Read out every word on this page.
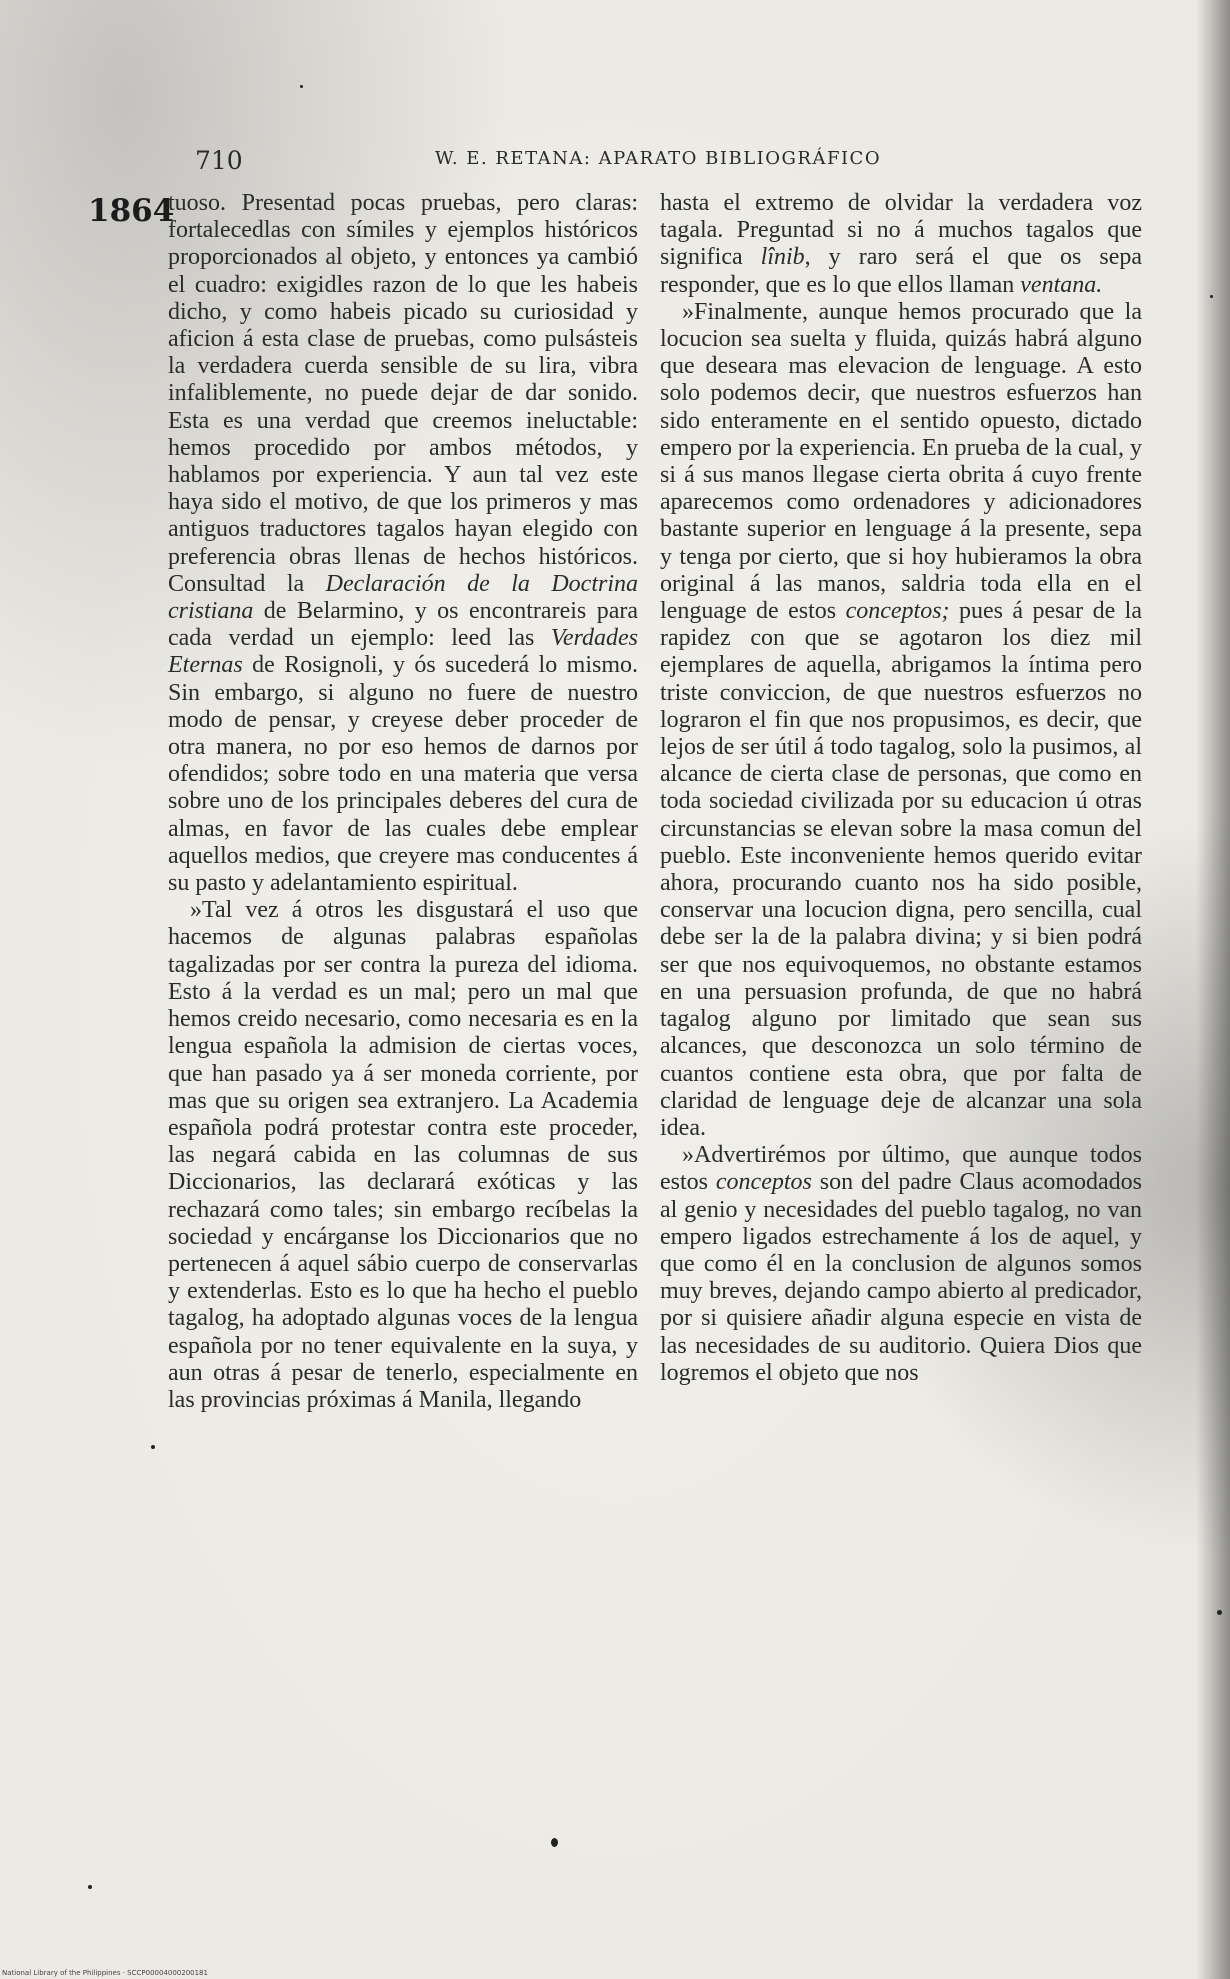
710	W. E. RETANA: APARATO BIBLIOGRÁFICO
1864

tuoso. Presentad pocas pruebas, pero claras: fortalecedlas con símiles y ejemplos históricos proporcionados al objeto, y entonces ya cambió el cuadro: exigidles razon de lo que les habeis dicho, y como habeis picado su curiosidad y aficion á esta clase de pruebas, como pulsásteis la verdadera cuerda sensible de su lira, vibra infaliblemente, no puede dejar de dar sonido. Esta es una verdad que creemos ineluctable: hemos procedido por ambos métodos, y hablamos por experiencia. Y aun tal vez este haya sido el motivo, de que los primeros y mas antiguos traductores tagalos hayan elegido con preferencia obras llenas de hechos históricos. Consultad la Declaración de la Doctrina cristiana de Belarmino, y os encontrareis para cada verdad un ejemplo: leed las Verdades Eternas de Rosignoli, y ós sucederá lo mismo. Sin embargo, si alguno no fuere de nuestro modo de pensar, y creyese deber proceder de otra manera, no por eso hemos de darnos por ofendidos; sobre todo en una materia que versa sobre uno de los principales deberes del cura de almas, en favor de las cuales debe emplear aquellos medios, que creyere mas conducentes á su pasto y adelantamiento espiritual.

»Tal vez á otros les disgustará el uso que hacemos de algunas palabras españolas tagalizadas por ser contra la pureza del idioma. Esto á la verdad es un mal; pero un mal que hemos creido necesario, como necesaria es en la lengua española la admision de ciertas voces, que han pasado ya á ser moneda corriente, por mas que su origen sea extranjero. La Academia española podrá protestar contra este proceder, las negará cabida en las columnas de sus Diccionarios, las declarará exóticas y las rechazará como tales; sin embargo recíbelas la sociedad y encárganse los Diccionarios que no pertenecen á aquel sábio cuerpo de conservarlas y extenderlas. Esto es lo que ha hecho el pueblo tagalog, ha adoptado algunas voces de la lengua española por no tener equivalente en la suya, y aun otras á pesar de tenerlo, especialmente en las provincias próximas á Manila, llegando

hasta el extremo de olvidar la verdadera voz tagala. Preguntad si no á muchos tagalos que significa lînib, y raro será el que os sepa responder, que es lo que ellos llaman ventana.

»Finalmente, aunque hemos procurado que la locucion sea suelta y fluida, quizás habrá alguno que deseara mas elevacion de lenguage. A esto solo podemos decir, que nuestros esfuerzos han sido enteramente en el sentido opuesto, dictado empero por la experiencia. En prueba de la cual, y si á sus manos llegase cierta obrita á cuyo frente aparecemos como ordenadores y adicionadores bastante superior en lenguage á la presente, sepa y tenga por cierto, que si hoy hubieramos la obra original á las manos, saldria toda ella en el lenguage de estos conceptos; pues á pesar de la rapidez con que se agotaron los diez mil ejemplares de aquella, abrigamos la íntima pero triste conviccion, de que nuestros esfuerzos no lograron el fin que nos propusimos, es decir, que lejos de ser útil á todo tagalog, solo la pusimos, al alcance de cierta clase de personas, que como en toda sociedad civilizada por su educacion ú otras circunstancias se elevan sobre la masa comun del pueblo. Este inconveniente hemos querido evitar ahora, procurando cuanto nos ha sido posible, conservar una locucion digna, pero sencilla, cual debe ser la de la palabra divina; y si bien podrá ser que nos equivoquemos, no obstante estamos en una persuasion profunda, de que no habrá tagalog alguno por limitado que sean sus alcances, que desconozca un solo término de cuantos contiene esta obra, que por falta de claridad de lenguage deje de alcanzar una sola idea.

»Advertirémos por último, que aunque todos estos conceptos son del padre Claus acomodados al genio y necesidades del pueblo tagalog, no van empero ligados estrechamente á los de aquel, y que como él en la conclusion de algunos somos muy breves, dejando campo abierto al predicador, por si quisiere añadir alguna especie en vista de las necesidades de su auditorio. Quiera Dios que logremos el objeto que nos

National Library of the Philippines · SCCP00004000200181
